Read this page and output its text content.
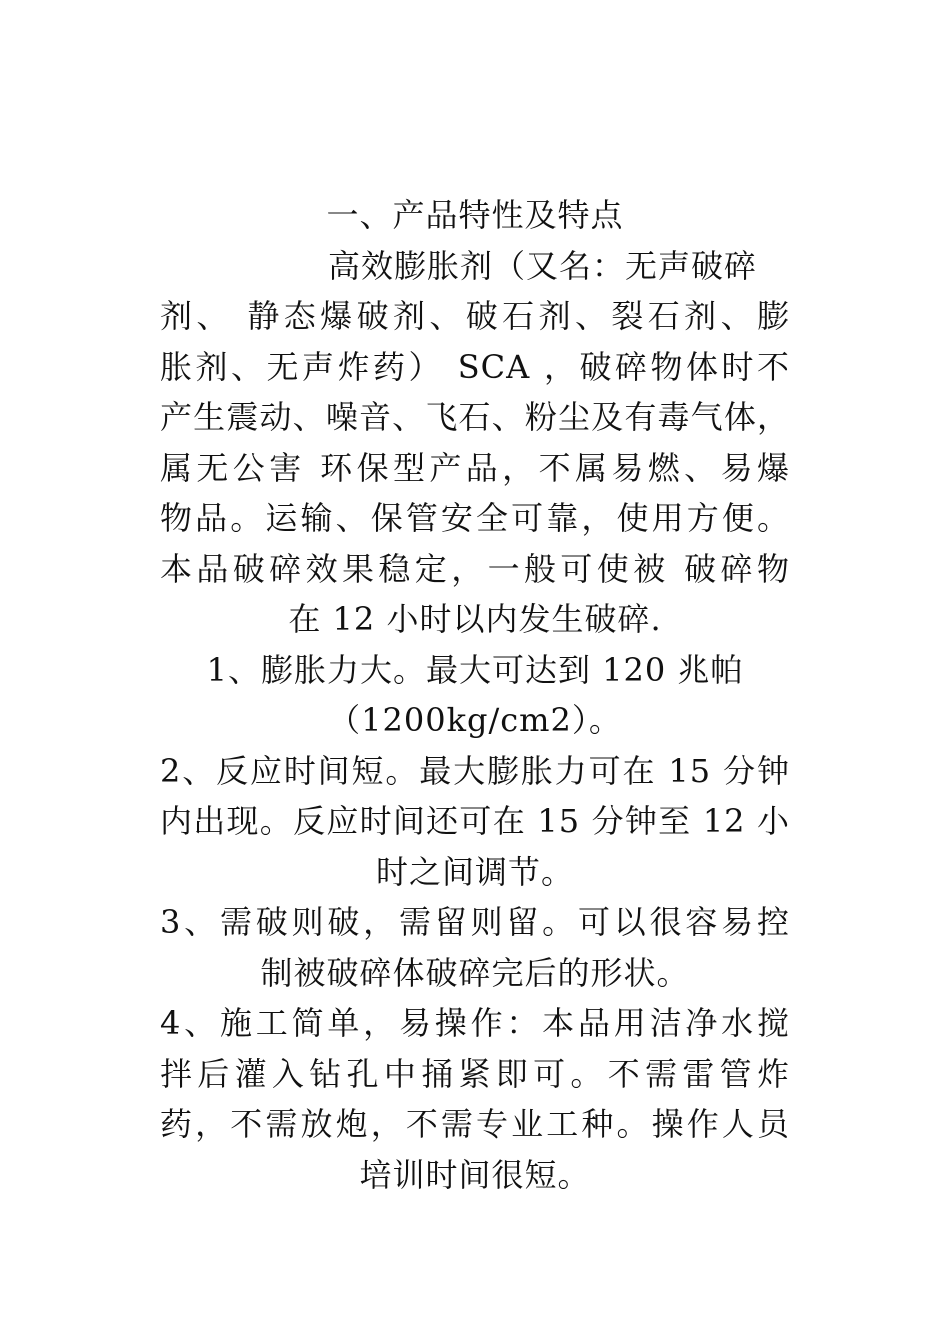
一、产品特性及特点
高效膨胀剂（又名：无声破碎
剂、 静态爆破剂、破石剂、裂石剂、膨
胀剂、无声炸药） SCA ，破碎物体时不
产生震动、噪音、飞石、粉尘及有毒气体，
属无公害 环保型产品，不属易燃、易爆
物品。运输、保管安全可靠，使用方便。
本品破碎效果稳定，一般可使被 破碎物
在 12 小时以内发生破碎.
1、膨胀力大。最大可达到 120 兆帕
（1200kg/cm2）。
2、反应时间短。最大膨胀力可在 15 分钟
内出现。反应时间还可在 15 分钟至 12 小
时之间调节。
3、需破则破，需留则留。可以很容易控
制被破碎体破碎完后的形状。
4、施工简单，易操作：本品用洁净水搅
拌后灌入钻孔中捅紧即可。不需雷管炸
药，不需放炮，不需专业工种。操作人员
培训时间很短。
